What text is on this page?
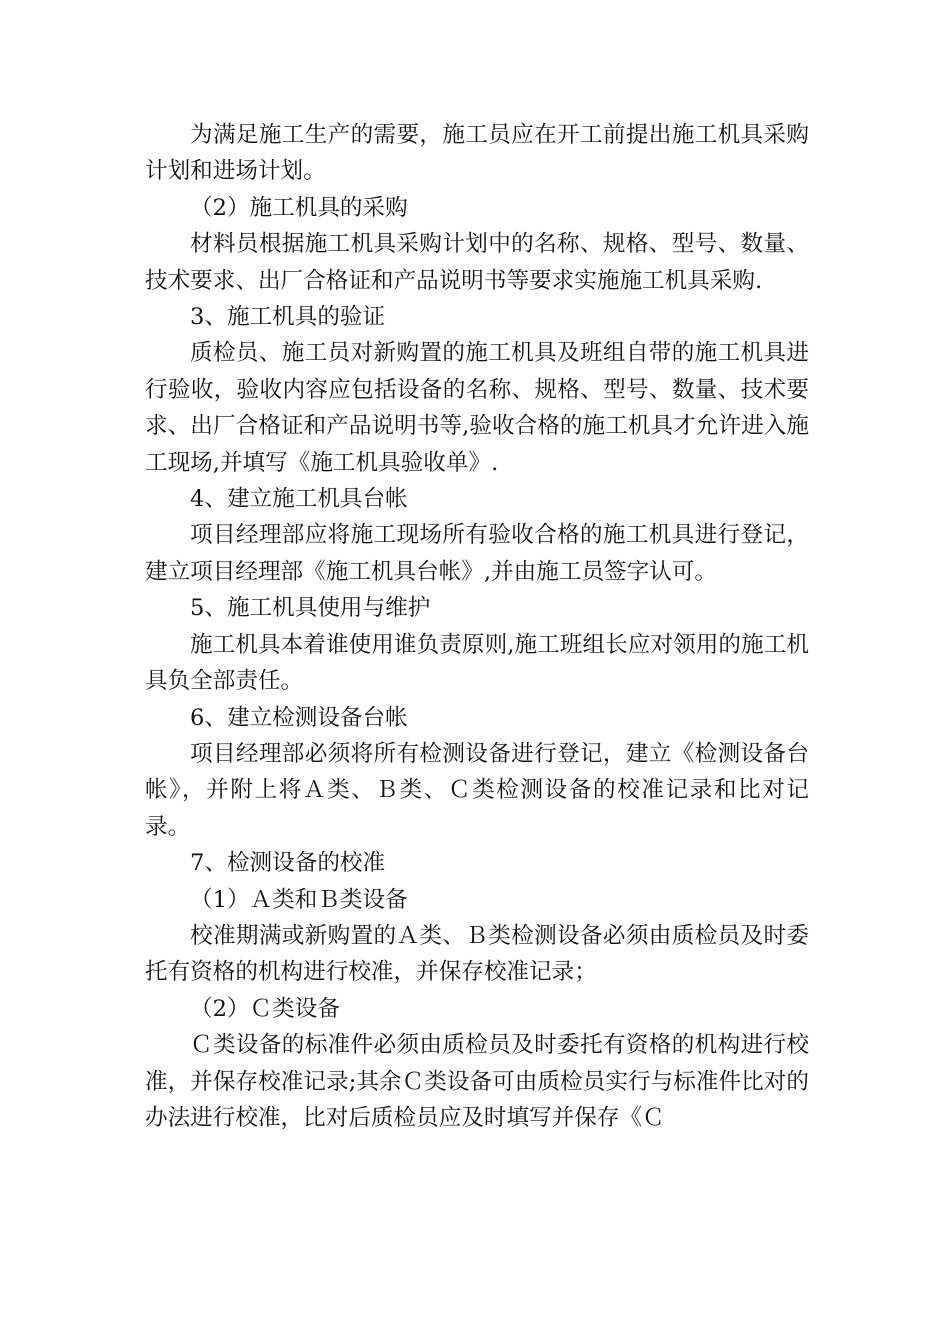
为满足施工生产的需要，施工员应在开工前提出施工机具采购计划和进场计划。

（2）施工机具的采购

材料员根据施工机具采购计划中的名称、规格、型号、数量、技术要求、出厂合格证和产品说明书等要求实施施工机具采购.

3、施工机具的验证

质检员、施工员对新购置的施工机具及班组自带的施工机具进行验收，验收内容应包括设备的名称、规格、型号、数量、技术要求、出厂合格证和产品说明书等,验收合格的施工机具才允许进入施工现场,并填写《施工机具验收单》.

4、建立施工机具台帐

项目经理部应将施工现场所有验收合格的施工机具进行登记，建立项目经理部《施工机具台帐》,并由施工员签字认可。

5、施工机具使用与维护

施工机具本着谁使用谁负责原则,施工班组长应对领用的施工机具负全部责任。

6、建立检测设备台帐

项目经理部必须将所有检测设备进行登记，建立《检测设备台帐》，并附上将Ａ类、Ｂ类、Ｃ类检测设备的校准记录和比对记录。

7、检测设备的校准

（1）Ａ类和Ｂ类设备

校准期满或新购置的Ａ类、Ｂ类检测设备必须由质检员及时委托有资格的机构进行校准，并保存校准记录；

（2）Ｃ类设备

Ｃ类设备的标准件必须由质检员及时委托有资格的机构进行校准，并保存校准记录;其余Ｃ类设备可由质检员实行与标准件比对的办法进行校准，比对后质检员应及时填写并保存《Ｃ
